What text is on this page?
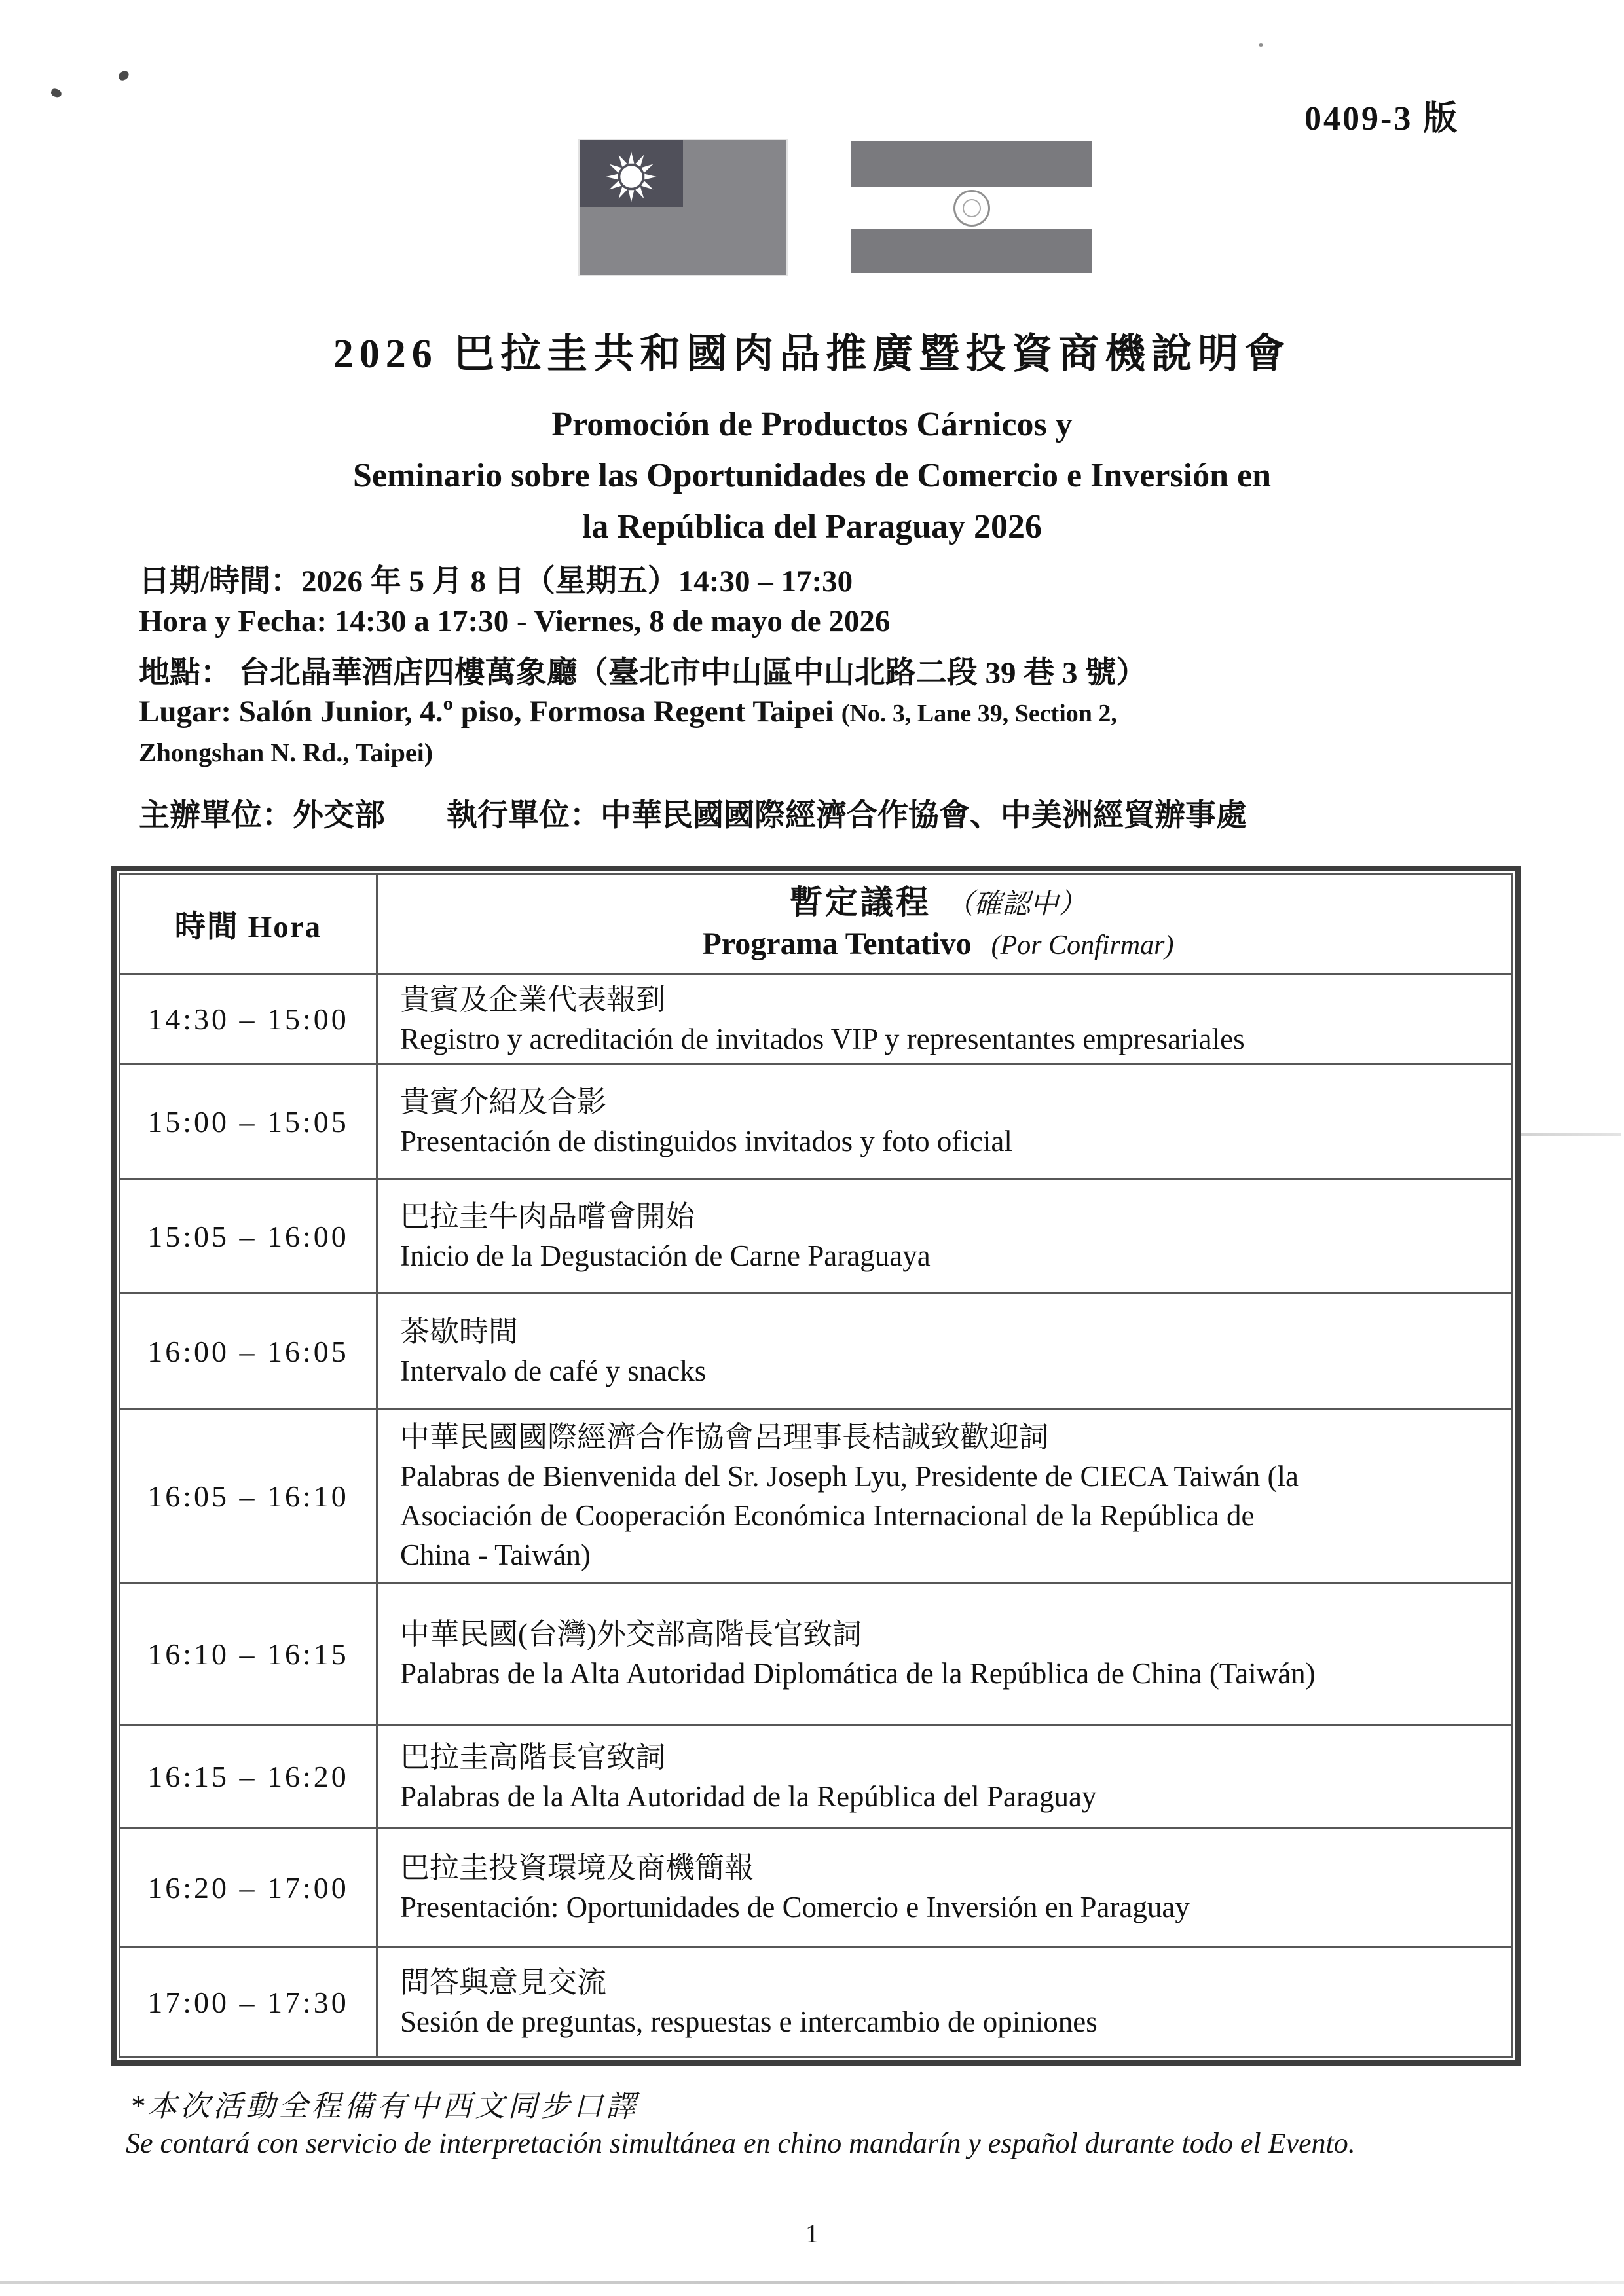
0409-3 版
2026 巴拉圭共和國肉品推廣暨投資商機說明會
Promoción de Productos Cárnicos y
Seminario sobre las Oportunidades de Comercio e Inversión en
la República del Paraguay 2026
日期/時間：2026 年 5 月 8 日（星期五）14:30 – 17:30
Hora y Fecha: 14:30 a 17:30 - Viernes, 8 de mayo de 2026
地點： 台北晶華酒店四樓萬象廳（臺北市中山區中山北路二段 39 巷 3 號）
Lugar: Salón Junior, 4.º piso, Formosa Regent Taipei (No. 3, Lane 39, Section 2,
Zhongshan N. Rd., Taipei)
主辦單位：外交部　　執行單位：中華民國國際經濟合作協會、中美洲經貿辦事處
時間 Hora
暫定議程 （確認中）
Programa Tentativo (Por Confirmar)
14:30 – 15:00
貴賓及企業代表報到
Registro y acreditación de invitados VIP y representantes empresariales
15:00 – 15:05
貴賓介紹及合影
Presentación de distinguidos invitados y foto oficial
15:05 – 16:00
巴拉圭牛肉品嚐會開始
Inicio de la Degustación de Carne Paraguaya
16:00 – 16:05
茶歇時間
Intervalo de café y snacks
16:05 – 16:10
中華民國國際經濟合作協會呂理事長桔誠致歡迎詞
Palabras de Bienvenida del Sr. Joseph Lyu, Presidente de CIECA Taiwán (la Asociación de Cooperación Económica Internacional de la República de China - Taiwán)
16:10 – 16:15
中華民國(台灣)外交部高階長官致詞
Palabras de la Alta Autoridad Diplomática de la República de China (Taiwán)
16:15 – 16:20
巴拉圭高階長官致詞
Palabras de la Alta Autoridad de la República del Paraguay
16:20 – 17:00
巴拉圭投資環境及商機簡報
Presentación: Oportunidades de Comercio e Inversión en Paraguay
17:00 – 17:30
問答與意見交流
Sesión de preguntas, respuestas e intercambio de opiniones
*本次活動全程備有中西文同步口譯
Se contará con servicio de interpretación simultánea en chino mandarín y español durante todo el Evento.
1
